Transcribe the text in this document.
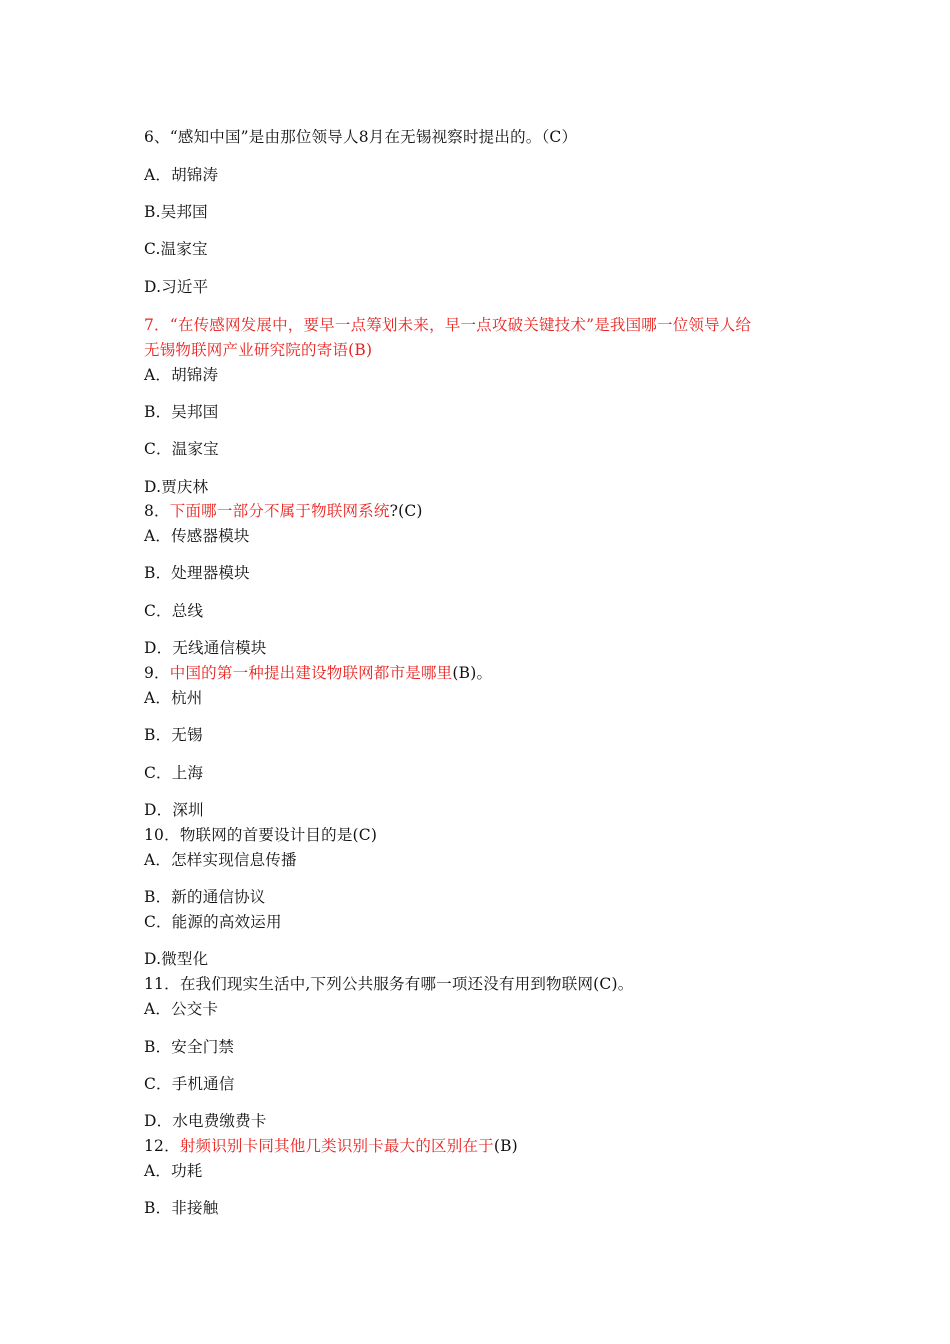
6、“感知中国”是由那位领导人8月在无锡视察时提出的。（C）
A．胡锦涛
B.吴邦国
C.温家宝
D.习近平
7．“在传感网发展中，要早一点筹划未来，早一点攻破关键技术”是我国哪一位领导人给
无锡物联网产业研究院的寄语(B)
A．胡锦涛
B．吴邦国
C．温家宝
D.贾庆林
8．下面哪一部分不属于物联网系统?(C)
A．传感器模块
B．处理器模块
C．总线
D．无线通信模块
9．中国的第一种提出建设物联网都市是哪里(B)。
A．杭州
B．无锡
C．上海
D．深圳
10．物联网的首要设计目的是(C)
A．怎样实现信息传播
B．新的通信协议
C．能源的高效运用
D.微型化
11．在我们现实生活中,下列公共服务有哪一项还没有用到物联网(C)。
A．公交卡
B．安全门禁
C．手机通信
D．水电费缴费卡
12．射频识别卡同其他几类识别卡最大的区别在于(B)
A．功耗
B．非接触
